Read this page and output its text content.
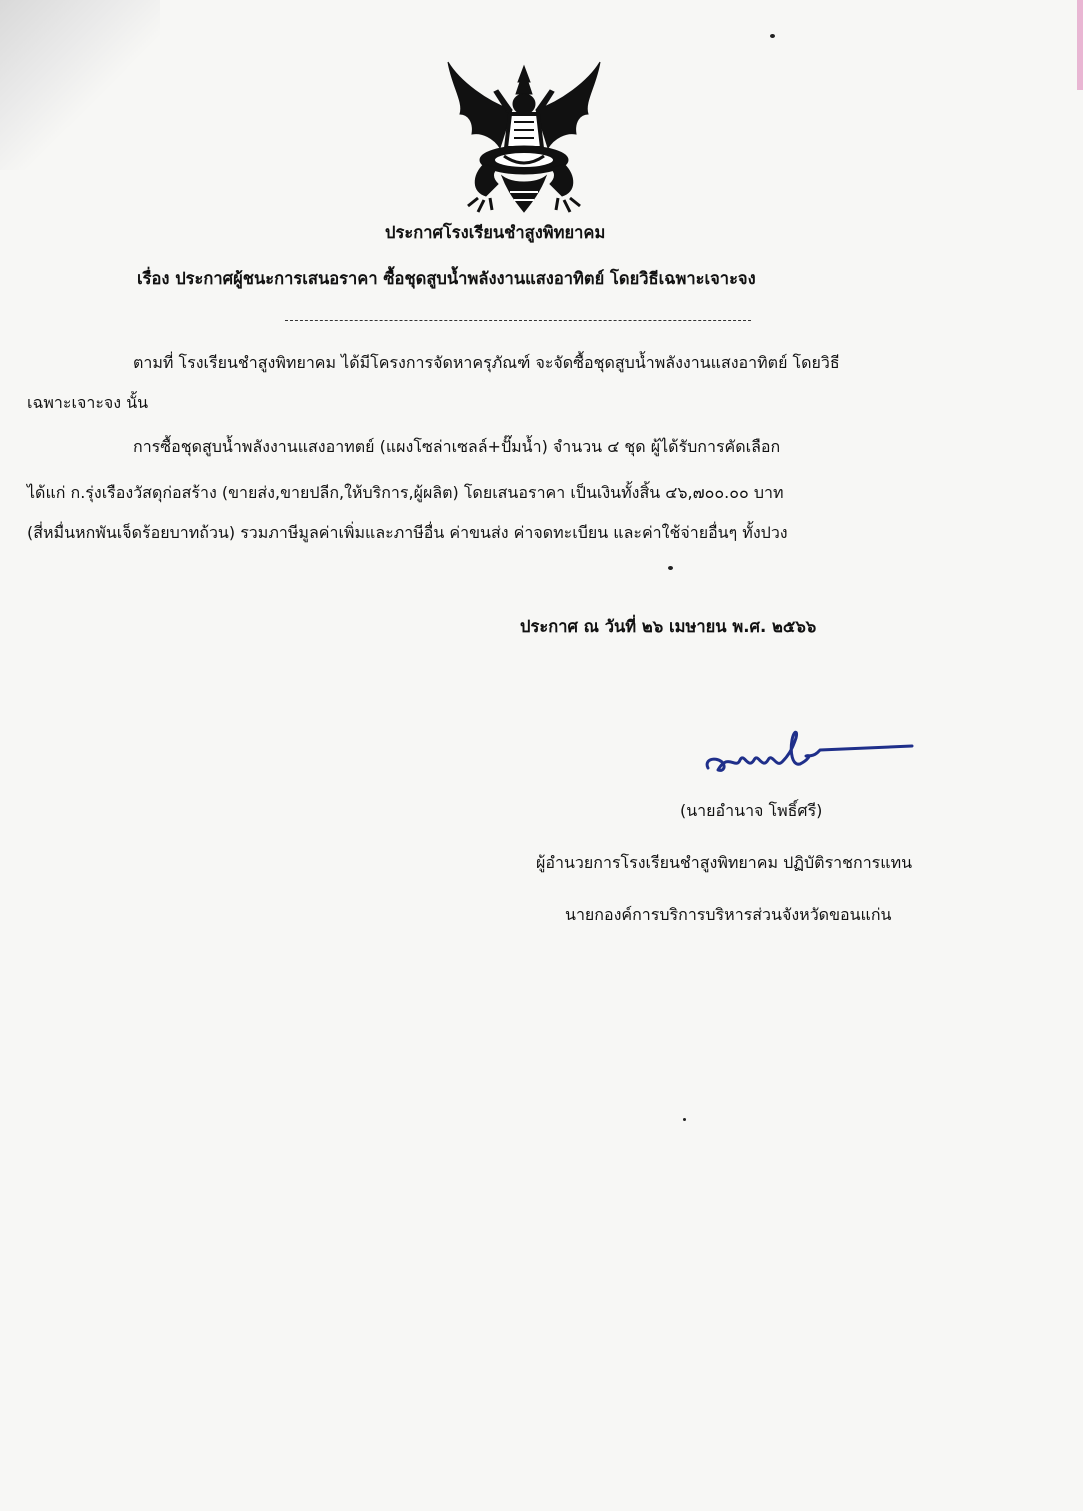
ประกาศโรงเรียนชำสูงพิทยาคม
เรื่อง ประกาศผู้ชนะการเสนอราคา ซื้อชุดสูบน้ำพลังงานแสงอาทิตย์ โดยวิธีเฉพาะเจาะจง
ตามที่ โรงเรียนชำสูงพิทยาคม ได้มีโครงการจัดหาครุภัณฑ์ จะจัดซื้อชุดสูบน้ำพลังงานแสงอาทิตย์ โดยวิธี
เฉพาะเจาะจง นั้น
การซื้อชุดสูบน้ำพลังงานแสงอาทตย์ (แผงโซล่าเซลล์+ปั๊มน้ำ) จำนวน ๔ ชุด ผู้ได้รับการคัดเลือก
ได้แก่ ก.รุ่งเรืองวัสดุก่อสร้าง (ขายส่ง,ขายปลีก,ให้บริการ,ผู้ผลิต) โดยเสนอราคา เป็นเงินทั้งสิ้น ๔๖,๗๐๐.๐๐ บาท
(สี่หมื่นหกพันเจ็ดร้อยบาทถ้วน) รวมภาษีมูลค่าเพิ่มและภาษีอื่น ค่าขนส่ง ค่าจดทะเบียน และค่าใช้จ่ายอื่นๆ ทั้งปวง
ประกาศ ณ วันที่ ๒๖ เมษายน พ.ศ. ๒๕๖๖
(นายอำนาจ โพธิ์ศรี)
ผู้อำนวยการโรงเรียนชำสูงพิทยาคม ปฏิบัติราชการแทน
นายกองค์การบริการบริหารส่วนจังหวัดขอนแก่น
